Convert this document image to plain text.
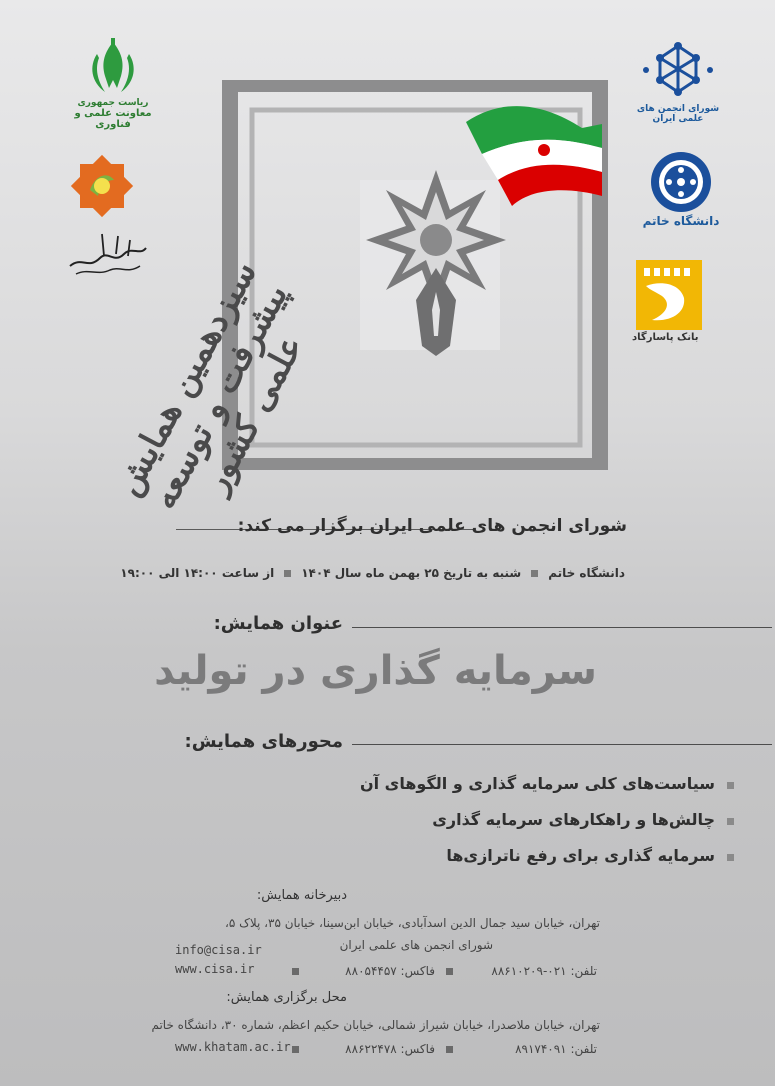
ریاست جمهوری
معاونت علمی و فناوری
شورای انجمن های علمی ایران
دانشگاه خاتم
بانک پاسارگاد
سیزدهمین همایش پیشرفت و توسعه علمی کشور
شورای انجمن های علمی ایران برگزار می کند:
دانشگاه خاتمشنبه به تاریخ ۲۵ بهمن ماه سال ۱۴۰۴از ساعت ۱۴:۰۰ الی ۱۹:۰۰
عنوان همایش:
سرمایه گذاری در تولید
محورهای همایش:
سیاست‌های کلی سرمایه گذاری و الگوهای آن
چالش‌ها و راهکارهای سرمایه گذاری
سرمایه گذاری برای رفع ناترازی‌ها
دبیرخانه همایش:
تهران، خیابان سید جمال الدین اسدآبادی، خیابان ابن‌سینا، خیابان ۳۵، پلاک ۵،
شورای انجمن های علمی ایران
info@cisa.ir
تلفن: ۰۲۱-۸۸۶۱۰۲۰۹
فاکس: ۸۸۰۵۴۴۵۷
www.cisa.ir
محل برگزاری همایش:
تهران، خیابان ملاصدرا، خیابان شیراز شمالی، خیابان حکیم اعظم، شماره ۳۰، دانشگاه خاتم
تلفن: ۸۹۱۷۴۰۹۱
فاکس: ۸۸۶۲۲۴۷۸
www.khatam.ac.ir
